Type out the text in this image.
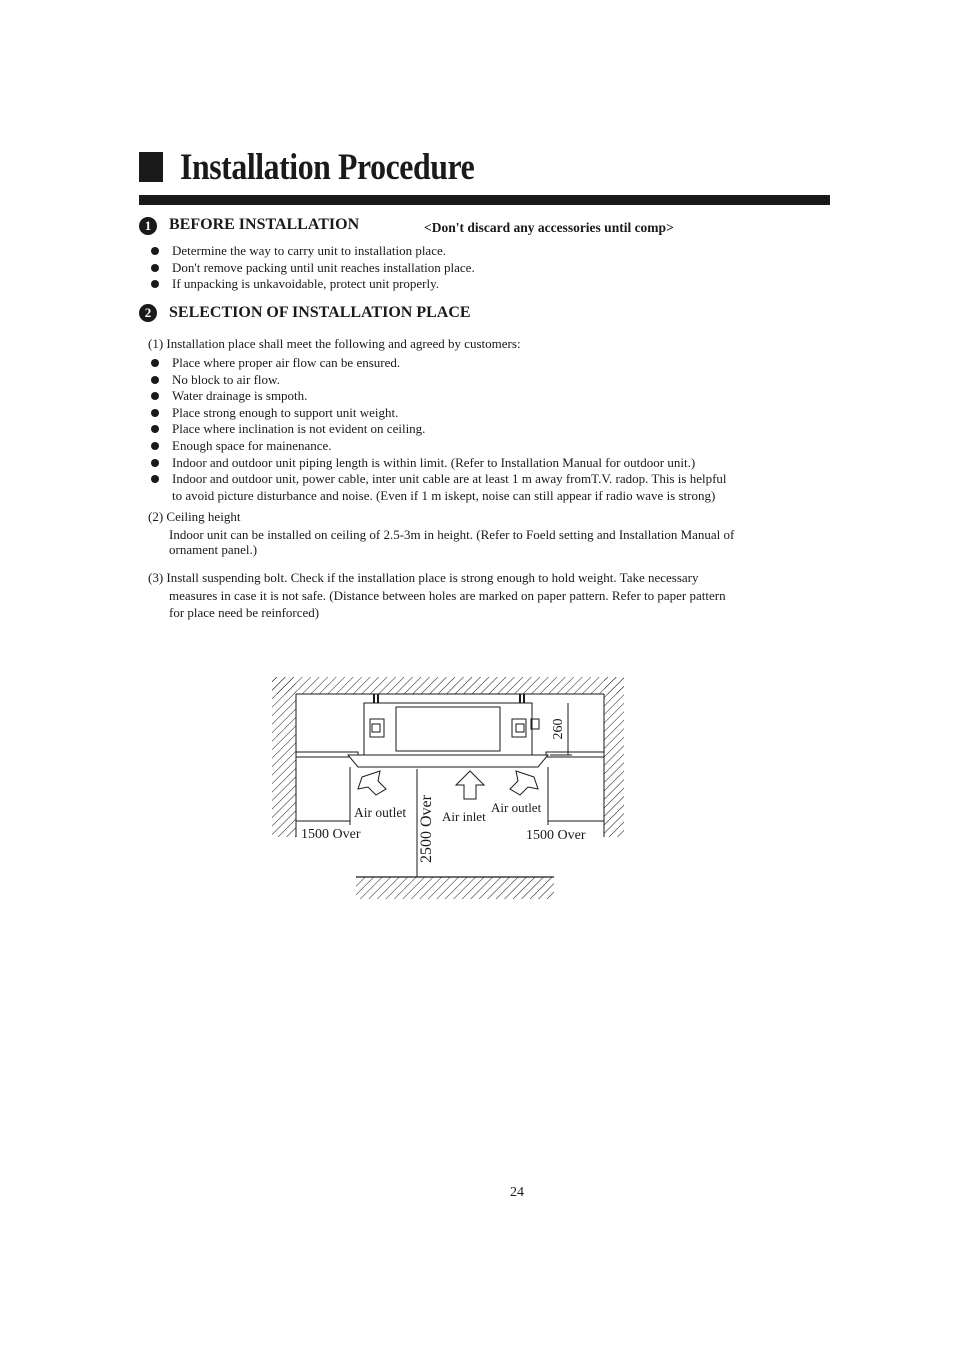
Installation Procedure
1	BEFORE INSTALLATION	<Don't discard any accessories until comp>
Determine the way to carry unit to installation place.
Don't remove packing until unit reaches installation place.
If unpacking is unkavoidable, protect unit properly.
2	SELECTION OF INSTALLATION PLACE
(1) Installation place shall meet the following and agreed by customers:
Place where proper air flow can be ensured.
No block to air flow.
Water drainage is smpoth.
Place strong enough to support unit weight.
Place where inclination is not evident on ceiling.
Enough space for mainenance.
Indoor and outdoor unit piping length is within limit. (Refer to Installation Manual for outdoor unit.)
Indoor and outdoor unit, power cable, inter unit cable are at least 1 m away fromT.V. radop. This is helpful
to avoid picture disturbance and noise. (Even if 1 m iskept, noise can still appear if radio wave is strong)
(2) Ceiling height
Indoor unit can be installed on ceiling of 2.5-3m in height. (Refer to Foeld setting and Installation Manual of
ornament panel.)
(3) Install suspending bolt. Check if the installation place is strong enough to hold weight. Take necessary
measures in case it is not safe. (Distance between holes are marked on paper pattern. Refer to paper pattern
for place need be reinforced)
260
Air outlet	Air inlet
Air outlet
1500 Over	1500 Over
2500 Over
24
